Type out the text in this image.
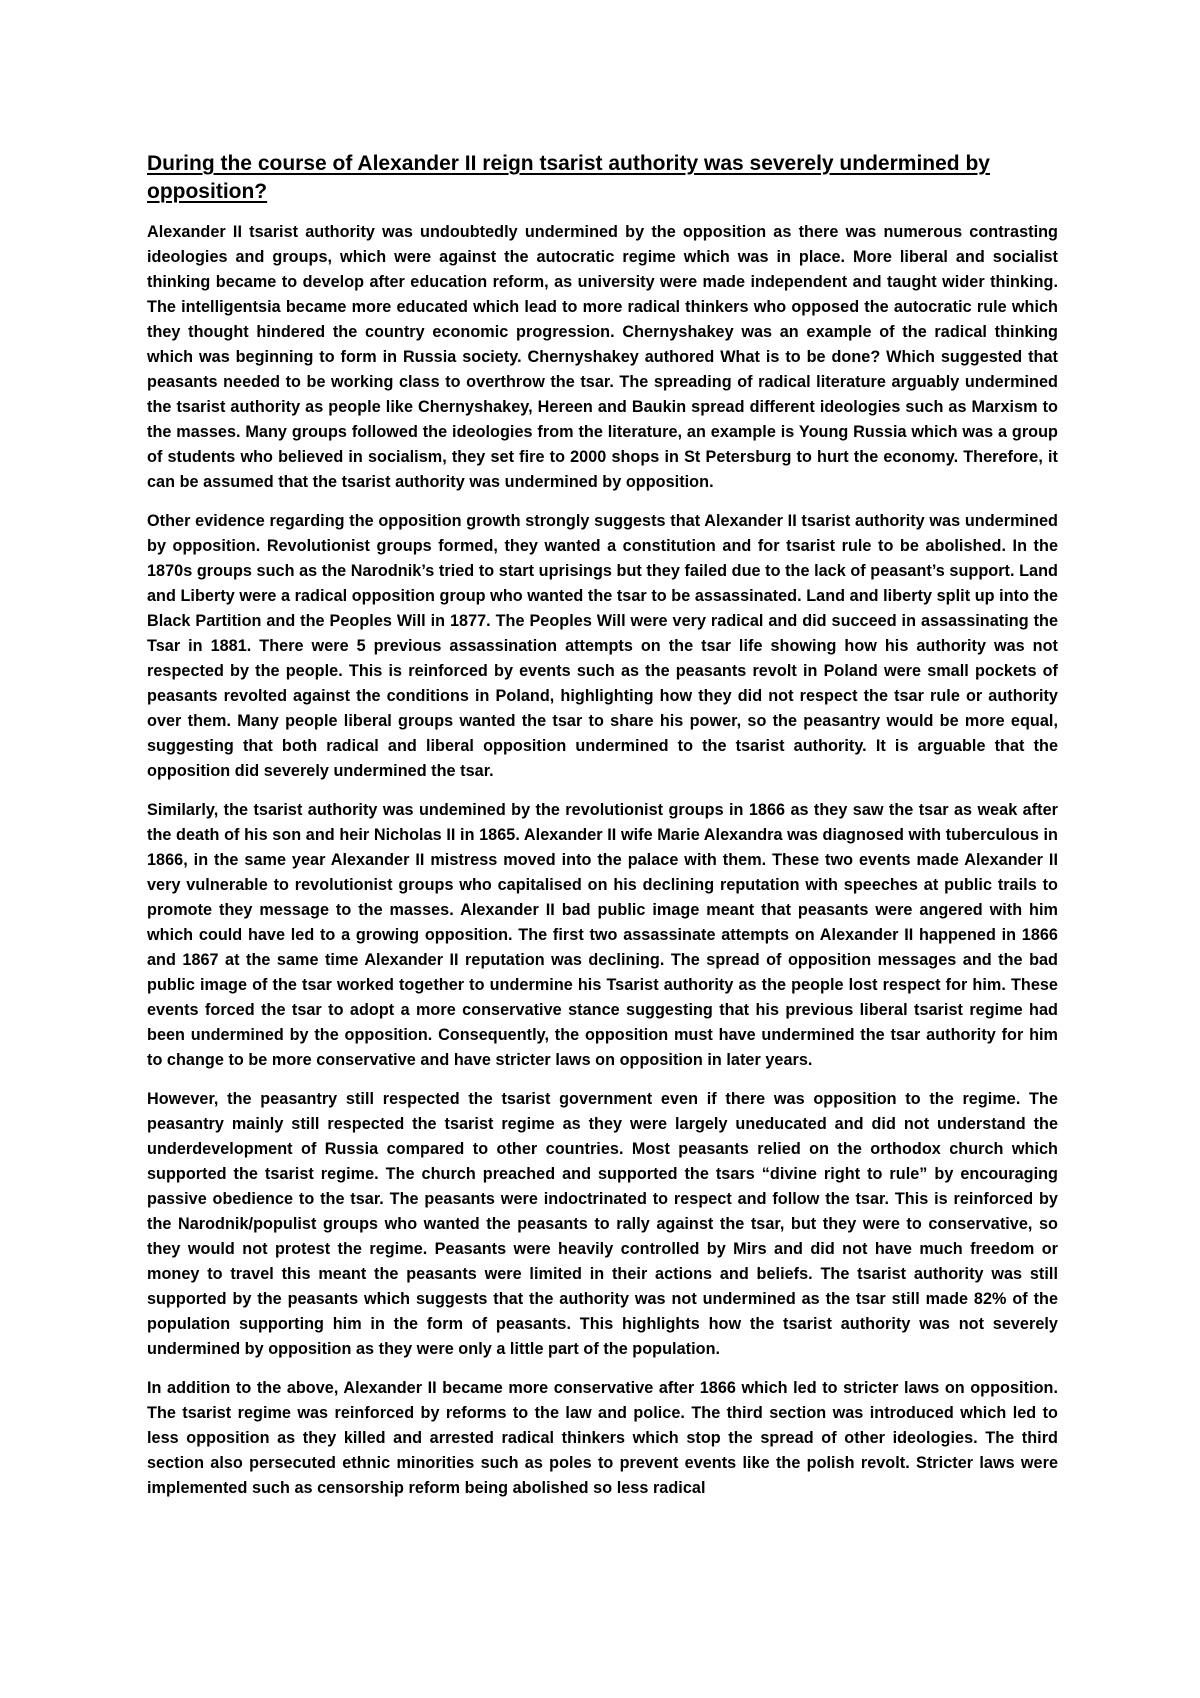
During the course of Alexander II reign tsarist authority was severely undermined by opposition?

Alexander II tsarist authority was undoubtedly undermined by the opposition as there was numerous contrasting ideologies and groups, which were against the autocratic regime which was in place. More liberal and socialist thinking became to develop after education reform, as university were made independent and taught wider thinking. The intelligentsia became more educated which lead to more radical thinkers who opposed the autocratic rule which they thought hindered the country economic progression. Chernyshakey was an example of the radical thinking which was beginning to form in Russia society. Chernyshakey authored What is to be done? Which suggested that peasants needed to be working class to overthrow the tsar. The spreading of radical literature arguably undermined the tsarist authority as people like Chernyshakey, Hereen and Baukin spread different ideologies such as Marxism to the masses. Many groups followed the ideologies from the literature, an example is Young Russia which was a group of students who believed in socialism, they set fire to 2000 shops in St Petersburg to hurt the economy. Therefore, it can be assumed that the tsarist authority was undermined by opposition.

Other evidence regarding the opposition growth strongly suggests that Alexander II tsarist authority was undermined by opposition. Revolutionist groups formed, they wanted a constitution and for tsarist rule to be abolished. In the 1870s groups such as the Narodnik’s tried to start uprisings but they failed due to the lack of peasant’s support. Land and Liberty were a radical opposition group who wanted the tsar to be assassinated. Land and liberty split up into the Black Partition and the Peoples Will in 1877. The Peoples Will were very radical and did succeed in assassinating the Tsar in 1881. There were 5 previous assassination attempts on the tsar life showing how his authority was not respected by the people. This is reinforced by events such as the peasants revolt in Poland were small pockets of peasants revolted against the conditions in Poland, highlighting how they did not respect the tsar rule or authority over them. Many people liberal groups wanted the tsar to share his power, so the peasantry would be more equal, suggesting that both radical and liberal opposition undermined to the tsarist authority. It is arguable that the opposition did severely undermined the tsar.

Similarly, the tsarist authority was undemined by the revolutionist groups in 1866 as they saw the tsar as weak after the death of his son and heir Nicholas II in 1865. Alexander II wife Marie Alexandra was diagnosed with tuberculous in 1866, in the same year Alexander II mistress moved into the palace with them. These two events made Alexander II very vulnerable to revolutionist groups who capitalised on his declining reputation with speeches at public trails to promote they message to the masses. Alexander II bad public image meant that peasants were angered with him which could have led to a growing opposition. The first two assassinate attempts on Alexander II happened in 1866 and 1867 at the same time Alexander II reputation was declining. The spread of opposition messages and the bad public image of the tsar worked together to undermine his Tsarist authority as the people lost respect for him. These events forced the tsar to adopt a more conservative stance suggesting that his previous liberal tsarist regime had been undermined by the opposition. Consequently, the opposition must have undermined the tsar authority for him to change to be more conservative and have stricter laws on opposition in later years.

However, the peasantry still respected the tsarist government even if there was opposition to the regime. The peasantry mainly still respected the tsarist regime as they were largely uneducated and did not understand the underdevelopment of Russia compared to other countries. Most peasants relied on the orthodox church which supported the tsarist regime. The church preached and supported the tsars “divine right to rule” by encouraging passive obedience to the tsar. The peasants were indoctrinated to respect and follow the tsar. This is reinforced by the Narodnik/populist groups who wanted the peasants to rally against the tsar, but they were to conservative, so they would not protest the regime. Peasants were heavily controlled by Mirs and did not have much freedom or money to travel this meant the peasants were limited in their actions and beliefs. The tsarist authority was still supported by the peasants which suggests that the authority was not undermined as the tsar still made 82% of the population supporting him in the form of peasants. This highlights how the tsarist authority was not severely undermined by opposition as they were only a little part of the population.

In addition to the above, Alexander II became more conservative after 1866 which led to stricter laws on opposition. The tsarist regime was reinforced by reforms to the law and police. The third section was introduced which led to less opposition as they killed and arrested radical thinkers which stop the spread of other ideologies. The third section also persecuted ethnic minorities such as poles to prevent events like the polish revolt. Stricter laws were implemented such as censorship reform being abolished so less radical
